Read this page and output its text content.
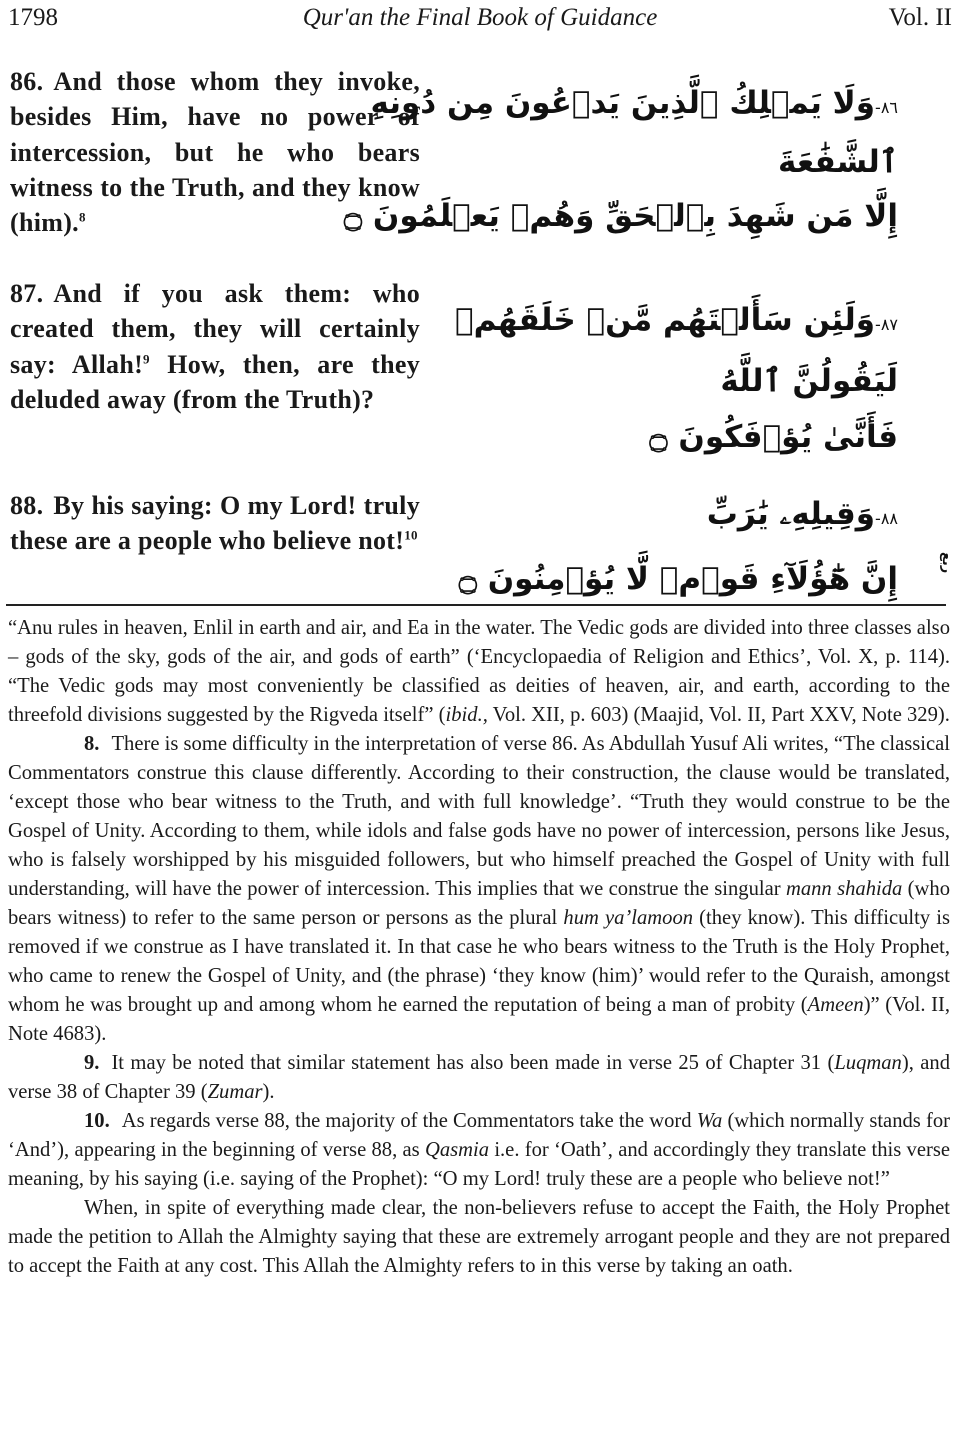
Qur'an the Final Book of Guidance
1798	Vol. II
86. And those whom they invoke, besides Him, have no power of intercession, but he who bears witness to the Truth, and they know (him).$^8$
٨٦-وَلَا يَمۡلِكُ ٱلَّذِينَ يَدۡعُونَ مِن دُونِهِ
ٱلشَّفَٰعَةَ
إِلَّا مَن شَهِدَ بِٱلۡحَقِّ وَهُمۡ يَعۡلَمُونَ ۝
87. And if you ask them: who created them, they will certainly say: Allah!$^9$ How, then, are they deluded away (from the Truth)?
٨٧-وَلَئِن سَأَلۡتَهُم مَّنۡ خَلَقَهُمۡ
لَيَقُولُنَّ ٱللَّهُ
فَأَنَّىٰ يُؤۡفَكُونَ ۝
88. By his saying: O my Lord! truly these are a people who believe not!$^{10}$
٨٨-وَقِيلِهِۦ يَٰرَبِّ
إِنَّ هَٰٓؤُلَآءِ قَوۡمٞ لَّا يُؤۡمِنُونَ ۝	ربع

“Anu rules in heaven, Enlil in earth and air, and Ea in the water. The Vedic gods are divided into three classes also – gods of the sky, gods of the air, and gods of earth” (‘Encyclopaedia of Religion and Ethics’, Vol. X, p. 114). “The Vedic gods may most conveniently be classified as deities of heaven, air, and earth, according to the threefold divisions suggested by the Rigveda itself” (ibid., Vol. XII, p. 603) (Maajid, Vol. II, Part XXV, Note 329).

8. There is some difficulty in the interpretation of verse 86. As Abdullah Yusuf Ali writes, “The classical Commentators construe this clause differently. According to their construction, the clause would be translated, ‘except those who bear witness to the Truth, and with full knowledge’. “Truth they would construe to be the Gospel of Unity. According to them, while idols and false gods have no power of intercession, persons like Jesus, who is falsely worshipped by his misguided followers, but who himself preached the Gospel of Unity with full understanding, will have the power of intercession. This implies that we construe the singular mann shahida (who bears witness) to refer to the same person or persons as the plural hum ya’lamoon (they know). This difficulty is removed if we construe as I have translated it. In that case he who bears witness to the Truth is the Holy Prophet, who came to renew the Gospel of Unity, and (the phrase) ‘they know (him)’ would refer to the Quraish, amongst whom he was brought up and among whom he earned the reputation of being a man of probity (Ameen)” (Vol. II, Note 4683).

9. It may be noted that similar statement has also been made in verse 25 of Chapter 31 (Luqman), and verse 38 of Chapter 39 (Zumar).

10. As regards verse 88, the majority of the Commentators take the word Wa (which normally stands for ‘And’), appearing in the beginning of verse 88, as Qasmia i.e. for ‘Oath’, and accordingly they translate this verse meaning, by his saying (i.e. saying of the Prophet): “O my Lord! truly these are a people who believe not!”

When, in spite of everything made clear, the non-believers refuse to accept the Faith, the Holy Prophet made the petition to Allah the Almighty saying that these are extremely arrogant people and they are not prepared to accept the Faith at any cost. This Allah the Almighty refers to in this verse by taking an oath.
